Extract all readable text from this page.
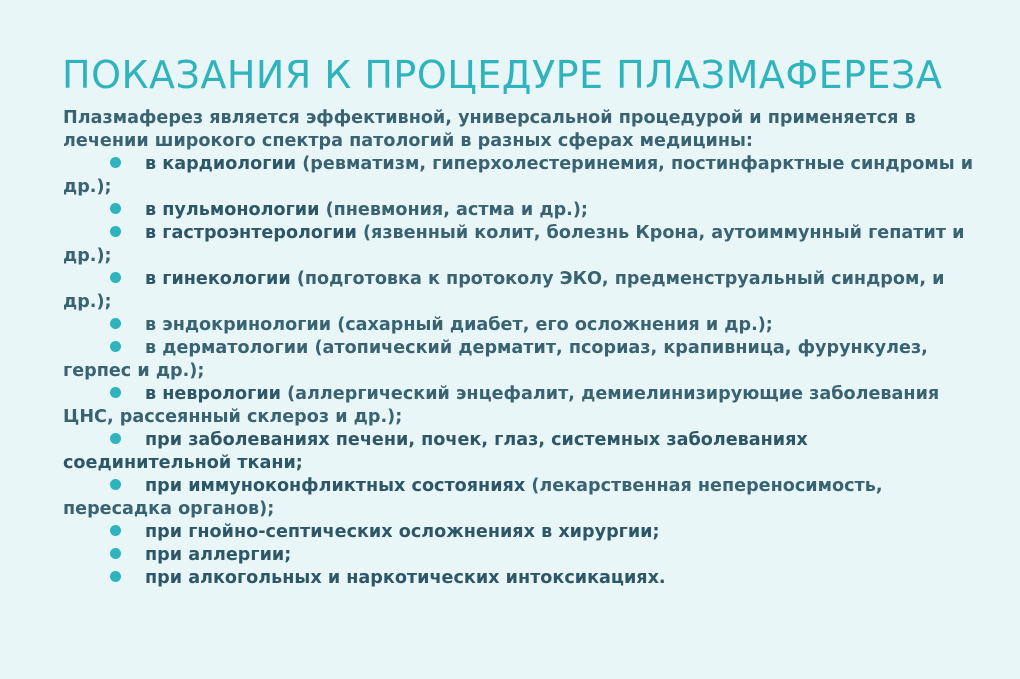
ПОКАЗАНИЯ К ПРОЦЕДУРЕ ПЛАЗМАФЕРЕЗА

Плазмаферез является эффективной, универсальной процедурой и применяется в лечении широкого спектра патологий в разных сферах медицины:

в кардиологии (ревматизм, гиперхолестеринемия, постинфарктные синдромы и др.);
в пульмонологии (пневмония, астма и др.);
в гастроэнтерологии (язвенный колит, болезнь Крона, аутоиммунный гепатит и др.);
в гинекологии (подготовка к протоколу ЭКО, предменструальный синдром, и др.);
в эндокринологии (сахарный диабет, его осложнения и др.);
в дерматологии (атопический дерматит, псориаз, крапивница, фурункулез, герпес и др.);
в неврологии (аллергический энцефалит, демиелинизирующие заболевания ЦНС, рассеянный склероз и др.);
при заболеваниях печени, почек, глаз, системных заболеваниях соединительной ткани;
при иммуноконфликтных состояниях (лекарственная непереносимость, пересадка органов);
при гнойно-септических осложнениях в хирургии;
при аллергии;
при алкогольных и наркотических интоксикациях.
